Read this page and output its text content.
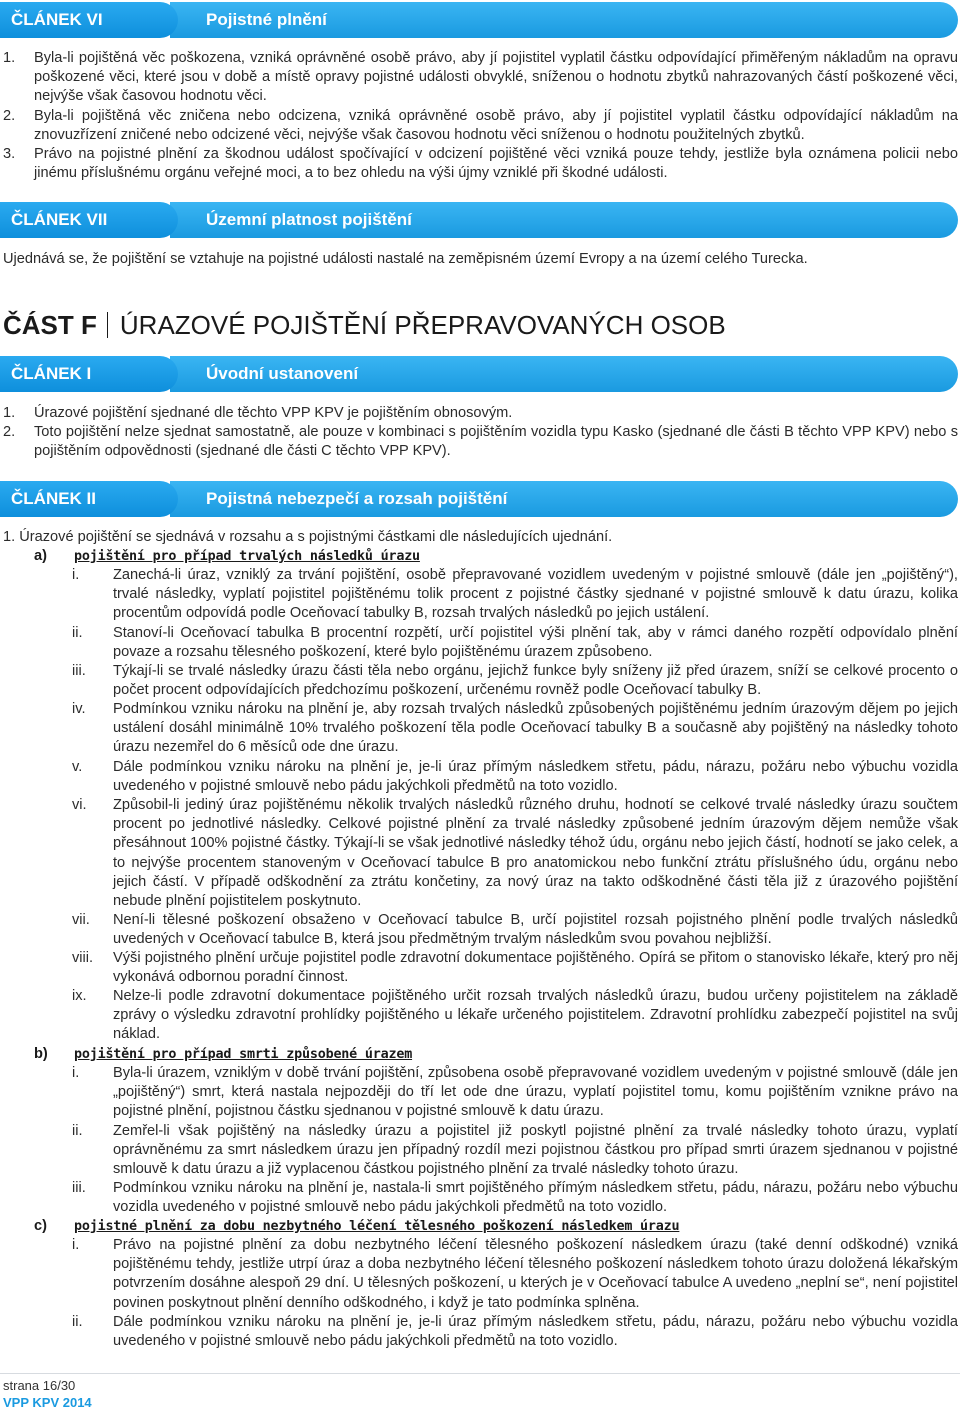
ČLÁNEK VI	Pojistné plnění
1.	Byla-li pojištěná věc poškozena, vzniká oprávněné osobě právo, aby jí pojistitel vyplatil částku odpovídající přiměřeným nákladům na opravu poškozené věci, které jsou v době a místě opravy pojistné události obvyklé, sníženou o hodnotu zbytků nahrazovaných částí poškozené věci, nejvýše však časovou hodnotu věci.
2.	Byla-li pojištěná věc zničena nebo odcizena, vzniká oprávněné osobě právo, aby jí pojistitel vyplatil částku odpovídající nákladům na znovuzřízení zničené nebo odcizené věci, nejvýše však časovou hodnotu věci sníženou o hodnotu použitelných zbytků.
3.	Právo na pojistné plnění za škodnou událost spočívající v odcizení pojištěné věci vzniká pouze tehdy, jestliže byla oznámena policii nebo jinému příslušnému orgánu veřejné moci, a to bez ohledu na výši újmy vzniklé při škodné události.
ČLÁNEK VII	Územní platnost pojištění
Ujednává se, že pojištění se vztahuje na pojistné události nastalé na zeměpisném území Evropy a na území celého Turecka.
ČÁST F ÚRAZOVÉ POJIŠTĚNÍ PŘEPRAVOVANÝCH OSOB
ČLÁNEK I	Úvodní ustanovení
1.	Úrazové pojištění sjednané dle těchto VPP KPV je pojištěním obnosovým.
2.	Toto pojištění nelze sjednat samostatně, ale pouze v kombinaci s pojištěním vozidla typu Kasko (sjednané dle části B těchto VPP KPV) nebo s pojištěním odpovědnosti (sjednané dle části C těchto VPP KPV).
ČLÁNEK II	Pojistná nebezpečí a rozsah pojištění
1. Úrazové pojištění se sjednává v rozsahu a s pojistnými částkami dle následujících ujednání.
a) pojištění pro případ trvalých následků úrazu
i.	Zanechá-li úraz, vzniklý za trvání pojištění, osobě přepravované vozidlem uvedeným v pojistné smlouvě (dále jen „pojištěný“), trvalé následky, vyplatí pojistitel pojištěnému tolik procent z pojistné částky sjednané v pojistné smlouvě k datu úrazu, kolika procentům odpovídá podle Oceňovací tabulky B, rozsah trvalých následků po jejich ustálení.
ii.	Stanoví-li Oceňovací tabulka B procentní rozpětí, určí pojistitel výši plnění tak, aby v rámci daného rozpětí odpovídalo plnění povaze a rozsahu tělesného poškození, které bylo pojištěnému úrazem způsobeno.
iii.	Týkají-li se trvalé následky úrazu části těla nebo orgánu, jejichž funkce byly sníženy již před úrazem, sníží se celkové procento o počet procent odpovídajících předchozímu poškození, určenému rovněž podle Oceňovací tabulky B.
iv.	Podmínkou vzniku nároku na plnění je, aby rozsah trvalých následků způsobených pojištěnému jedním úrazovým dějem po jejich ustálení dosáhl minimálně 10% trvalého poškození těla podle Oceňovací tabulky B a současně aby pojištěný na následky tohoto úrazu nezemřel do 6 měsíců ode dne úrazu.
v.	Dále podmínkou vzniku nároku na plnění je, je-li úraz přímým následkem střetu, pádu, nárazu, požáru nebo výbuchu vozidla uvedeného v pojistné smlouvě nebo pádu jakýchkoli předmětů na toto vozidlo.
vi.	Způsobil-li jediný úraz pojištěnému několik trvalých následků různého druhu, hodnotí se celkové trvalé následky úrazu součtem procent po jednotlivé následky. Celkové pojistné plnění za trvalé následky způsobené jedním úrazovým dějem nemůže však přesáhnout 100% pojistné částky. Týkají-li se však jednotlivé následky téhož údu, orgánu nebo jejich částí, hodnotí se jako celek, a to nejvýše procentem stanoveným v Oceňovací tabulce B pro anatomickou nebo funkční ztrátu příslušného údu, orgánu nebo jejich částí. V případě odškodnění za ztrátu končetiny, za nový úraz na takto odškodněné části těla již z úrazového pojištění nebude plnění pojistitelem poskytnuto.
vii.	Není-li tělesné poškození obsaženo v Oceňovací tabulce B, určí pojistitel rozsah pojistného plnění podle trvalých následků uvedených v Oceňovací tabulce B, která jsou předmětným trvalým následkům svou povahou nejbližší.
viii.	Výši pojistného plnění určuje pojistitel podle zdravotní dokumentace pojištěného. Opírá se přitom o stanovisko lékaře, který pro něj vykonává odbornou poradní činnost.
ix.	Nelze-li podle zdravotní dokumentace pojištěného určit rozsah trvalých následků úrazu, budou určeny pojistitelem na základě zprávy o výsledku zdravotní prohlídky pojištěného u lékaře určeného pojistitelem. Zdravotní prohlídku zabezpečí pojistitel na svůj náklad.
b) pojištění pro případ smrti způsobené úrazem
i.	Byla-li úrazem, vzniklým v době trvání pojištění, způsobena osobě přepravované vozidlem uvedeným v pojistné smlouvě (dále jen „pojištěný“) smrt, která nastala nejpozději do tří let ode dne úrazu, vyplatí pojistitel tomu, komu pojištěním vznikne právo na pojistné plnění, pojistnou částku sjednanou v pojistné smlouvě k datu úrazu.
ii.	Zemřel-li však pojištěný na následky úrazu a pojistitel již poskytl pojistné plnění za trvalé následky tohoto úrazu, vyplatí oprávněnému za smrt následkem úrazu jen případný rozdíl mezi pojistnou částkou pro případ smrti úrazem sjednanou v pojistné smlouvě k datu úrazu a již vyplacenou částkou pojistného plnění za trvalé následky tohoto úrazu.
iii.	Podmínkou vzniku nároku na plnění je, nastala-li smrt pojištěného přímým následkem střetu, pádu, nárazu, požáru nebo výbuchu vozidla uvedeného v pojistné smlouvě nebo pádu jakýchkoli předmětů na toto vozidlo.
c) pojistné plnění za dobu nezbytného léčení tělesného poškození následkem úrazu
i.	Právo na pojistné plnění za dobu nezbytného léčení tělesného poškození následkem úrazu (také denní odškodné) vzniká pojištěnému tehdy, jestliže utrpí úraz a doba nezbytného léčení tělesného poškození následkem tohoto úrazu doložená lékařským potvrzením dosáhne alespoň 29 dní. U tělesných poškození, u kterých je v Oceňovací tabulce A uvedeno „neplní se“, není pojistitel povinen poskytnout plnění denního odškodného, i když je tato podmínka splněna.
ii.	Dále podmínkou vzniku nároku na plnění je, je-li úraz přímým následkem střetu, pádu, nárazu, požáru nebo výbuchu vozidla uvedeného v pojistné smlouvě nebo pádu jakýchkoli předmětů na toto vozidlo.
strana 16/30
VPP KPV 2014
